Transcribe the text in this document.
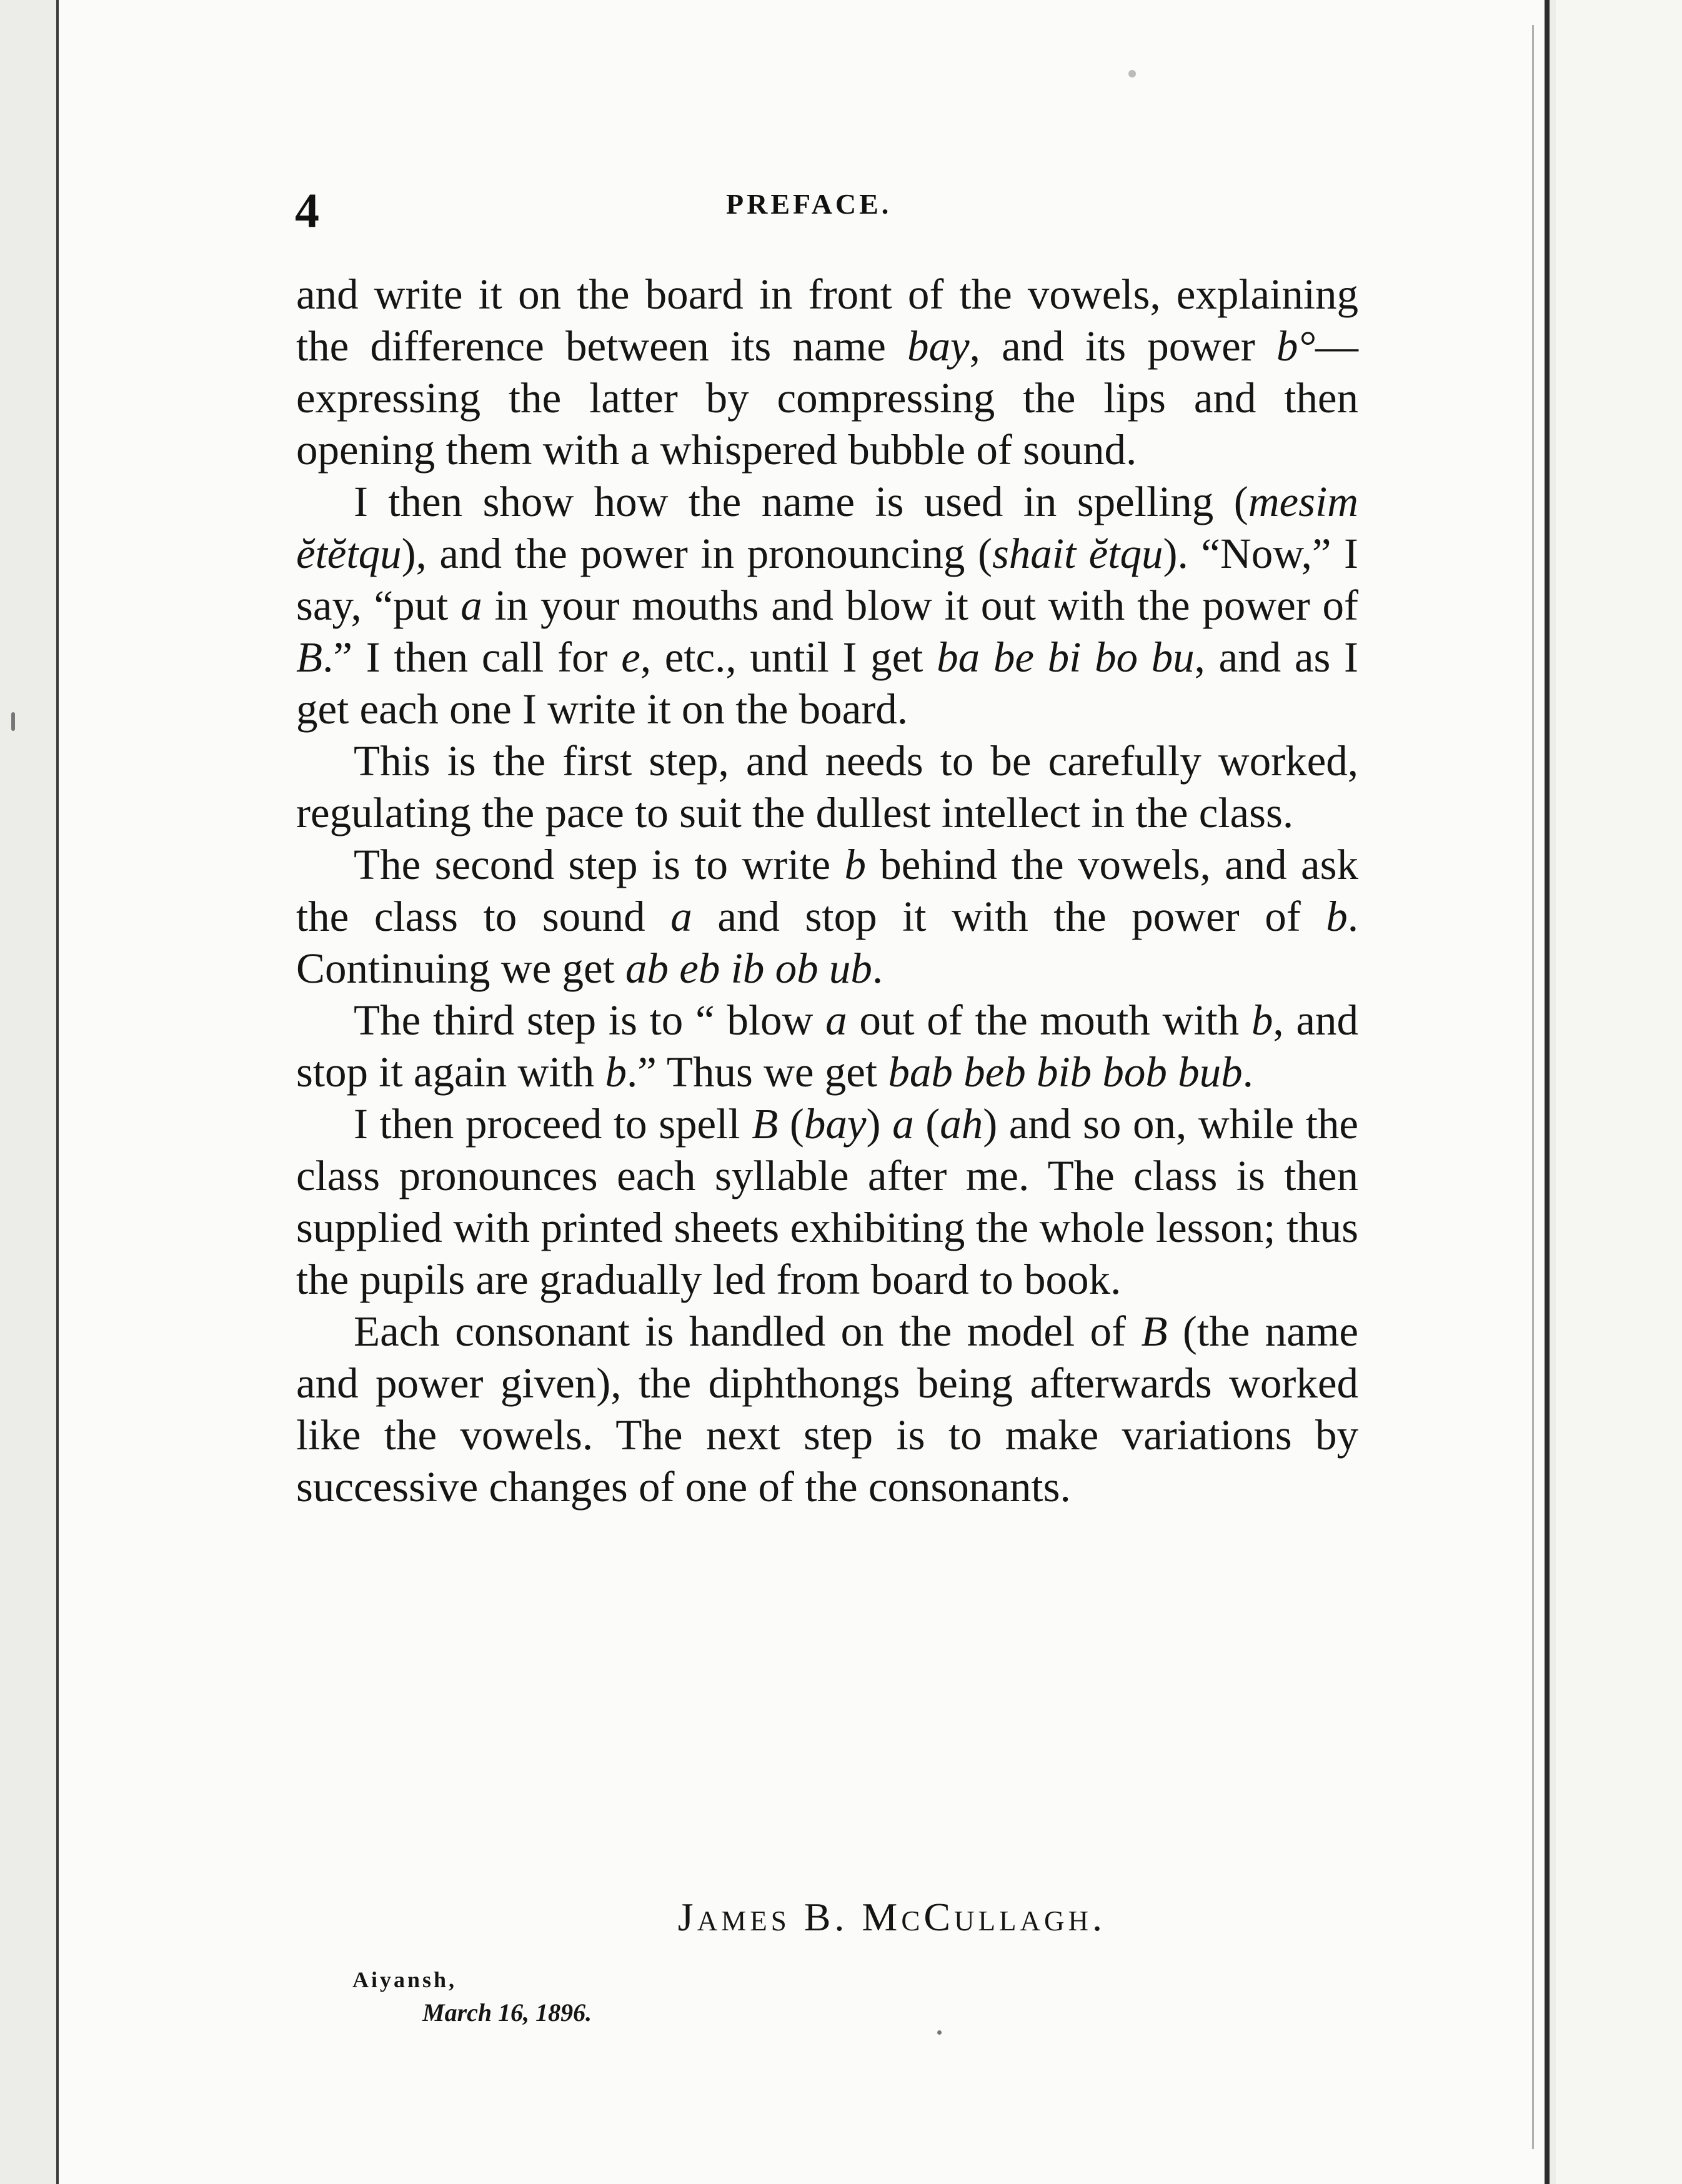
4	PREFACE.

and write it on the board in front of the vowels, explaining the difference between its name bay, and its power b°—expressing the latter by compressing the lips and then opening them with a whispered bubble of sound.

I then show how the name is used in spelling (mesim ĕtĕtqu), and the power in pronouncing (shait ĕtqu). “Now,” I say, “put a in your mouths and blow it out with the power of B.” I then call for e, etc., until I get ba be bi bo bu, and as I get each one I write it on the board.

This is the first step, and needs to be carefully worked, regulating the pace to suit the dullest intellect in the class.

The second step is to write b behind the vowels, and ask the class to sound a and stop it with the power of b. Continuing we get ab eb ib ob ub.

The third step is to “ blow a out of the mouth with b, and stop it again with b.” Thus we get bab beb bib bob bub.

I then proceed to spell B (bay) a (ah) and so on, while the class pronounces each syllable after me. The class is then supplied with printed sheets exhibiting the whole lesson; thus the pupils are gradually led from board to book.

Each consonant is handled on the model of B (the name and power given), the diphthongs being afterwards worked like the vowels. The next step is to make variations by successive changes of one of the consonants.

James B. McCullagh.
Aiyansh,
March 16, 1896.
